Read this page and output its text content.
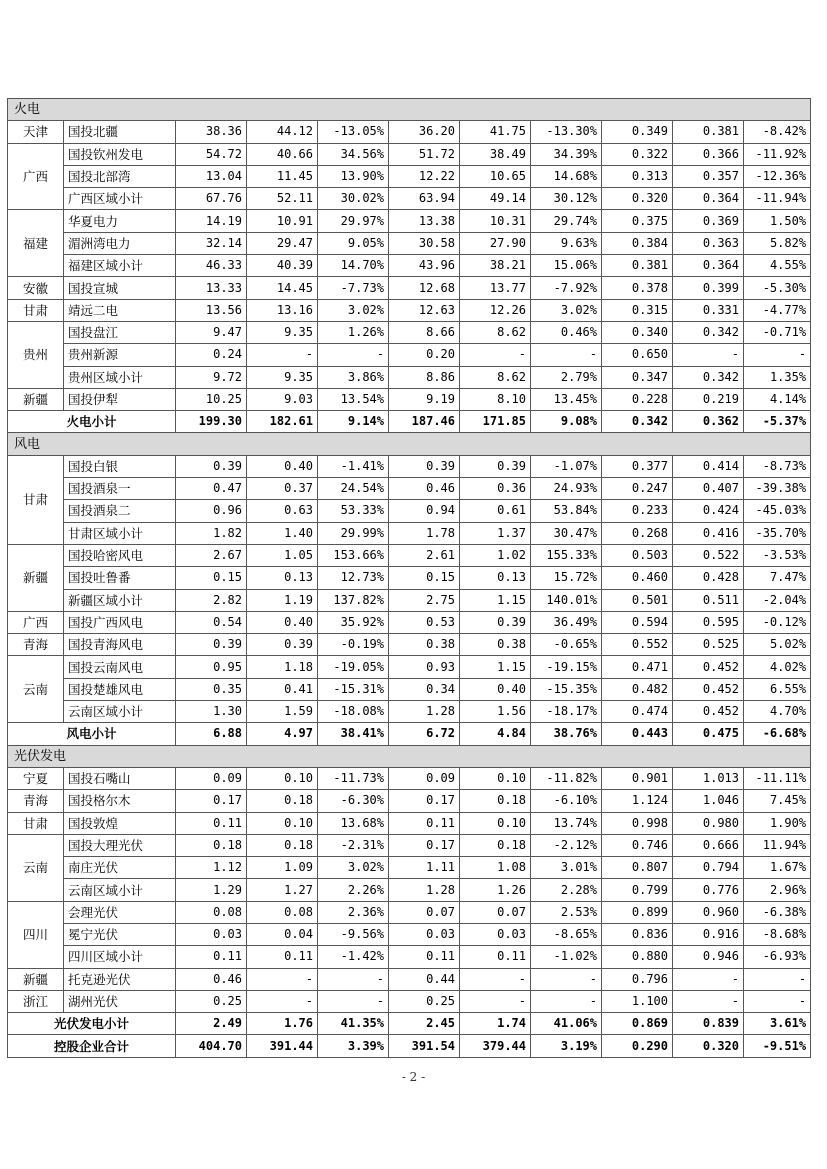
火电										
天津	国投北疆	38.36	44.12	-13.05%	36.20	41.75	-13.30%	0.349	0.381	-8.42%
广西	国投钦州发电	54.72	40.66	34.56%	51.72	38.49	34.39%	0.322	0.366	-11.92%
	国投北部湾	13.04	11.45	13.90%	12.22	10.65	14.68%	0.313	0.357	-12.36%
	广西区域小计	67.76	52.11	30.02%	63.94	49.14	30.12%	0.320	0.364	-11.94%
福建	华夏电力	14.19	10.91	29.97%	13.38	10.31	29.74%	0.375	0.369	1.50%
	湄洲湾电力	32.14	29.47	9.05%	30.58	27.90	9.63%	0.384	0.363	5.82%
	福建区域小计	46.33	40.39	14.70%	43.96	38.21	15.06%	0.381	0.364	4.55%
安徽	国投宣城	13.33	14.45	-7.73%	12.68	13.77	-7.92%	0.378	0.399	-5.30%
甘肃	靖远二电	13.56	13.16	3.02%	12.63	12.26	3.02%	0.315	0.331	-4.77%
贵州	国投盘江	9.47	9.35	1.26%	8.66	8.62	0.46%	0.340	0.342	-0.71%
	贵州新源	0.24	-	-	0.20	-	-	0.650	-	-
	贵州区域小计	9.72	9.35	3.86%	8.86	8.62	2.79%	0.347	0.342	1.35%
新疆	国投伊犁	10.25	9.03	13.54%	9.19	8.10	13.45%	0.228	0.219	4.14%
火电小计		199.30	182.61	9.14%	187.46	171.85	9.08%	0.342	0.362	-5.37%
风电										
甘肃	国投白银	0.39	0.40	-1.41%	0.39	0.39	-1.07%	0.377	0.414	-8.73%
	国投酒泉一	0.47	0.37	24.54%	0.46	0.36	24.93%	0.247	0.407	-39.38%
	国投酒泉二	0.96	0.63	53.33%	0.94	0.61	53.84%	0.233	0.424	-45.03%
	甘肃区域小计	1.82	1.40	29.99%	1.78	1.37	30.47%	0.268	0.416	-35.70%
新疆	国投哈密风电	2.67	1.05	153.66%	2.61	1.02	155.33%	0.503	0.522	-3.53%
	国投吐鲁番	0.15	0.13	12.73%	0.15	0.13	15.72%	0.460	0.428	7.47%
	新疆区域小计	2.82	1.19	137.82%	2.75	1.15	140.01%	0.501	0.511	-2.04%
广西	国投广西风电	0.54	0.40	35.92%	0.53	0.39	36.49%	0.594	0.595	-0.12%
青海	国投青海风电	0.39	0.39	-0.19%	0.38	0.38	-0.65%	0.552	0.525	5.02%
云南	国投云南风电	0.95	1.18	-19.05%	0.93	1.15	-19.15%	0.471	0.452	4.02%
	国投楚雄风电	0.35	0.41	-15.31%	0.34	0.40	-15.35%	0.482	0.452	6.55%
	云南区域小计	1.30	1.59	-18.08%	1.28	1.56	-18.17%	0.474	0.452	4.70%
风电小计		6.88	4.97	38.41%	6.72	4.84	38.76%	0.443	0.475	-6.68%
光伏发电										
宁夏	国投石嘴山	0.09	0.10	-11.73%	0.09	0.10	-11.82%	0.901	1.013	-11.11%
青海	国投格尔木	0.17	0.18	-6.30%	0.17	0.18	-6.10%	1.124	1.046	7.45%
甘肃	国投敦煌	0.11	0.10	13.68%	0.11	0.10	13.74%	0.998	0.980	1.90%
云南	国投大理光伏	0.18	0.18	-2.31%	0.17	0.18	-2.12%	0.746	0.666	11.94%
	南庄光伏	1.12	1.09	3.02%	1.11	1.08	3.01%	0.807	0.794	1.67%
	云南区域小计	1.29	1.27	2.26%	1.28	1.26	2.28%	0.799	0.776	2.96%
四川	会理光伏	0.08	0.08	2.36%	0.07	0.07	2.53%	0.899	0.960	-6.38%
	冕宁光伏	0.03	0.04	-9.56%	0.03	0.03	-8.65%	0.836	0.916	-8.68%
	四川区域小计	0.11	0.11	-1.42%	0.11	0.11	-1.02%	0.880	0.946	-6.93%
新疆	托克逊光伏	0.46	-	-	0.44	-	-	0.796	-	-
浙江	湖州光伏	0.25	-	-	0.25	-	-	1.100	-	-
光伏发电小计		2.49	1.76	41.35%	2.45	1.74	41.06%	0.869	0.839	3.61%
控股企业合计		404.70	391.44	3.39%	391.54	379.44	3.19%	0.290	0.320	-9.51%
- 2 -
